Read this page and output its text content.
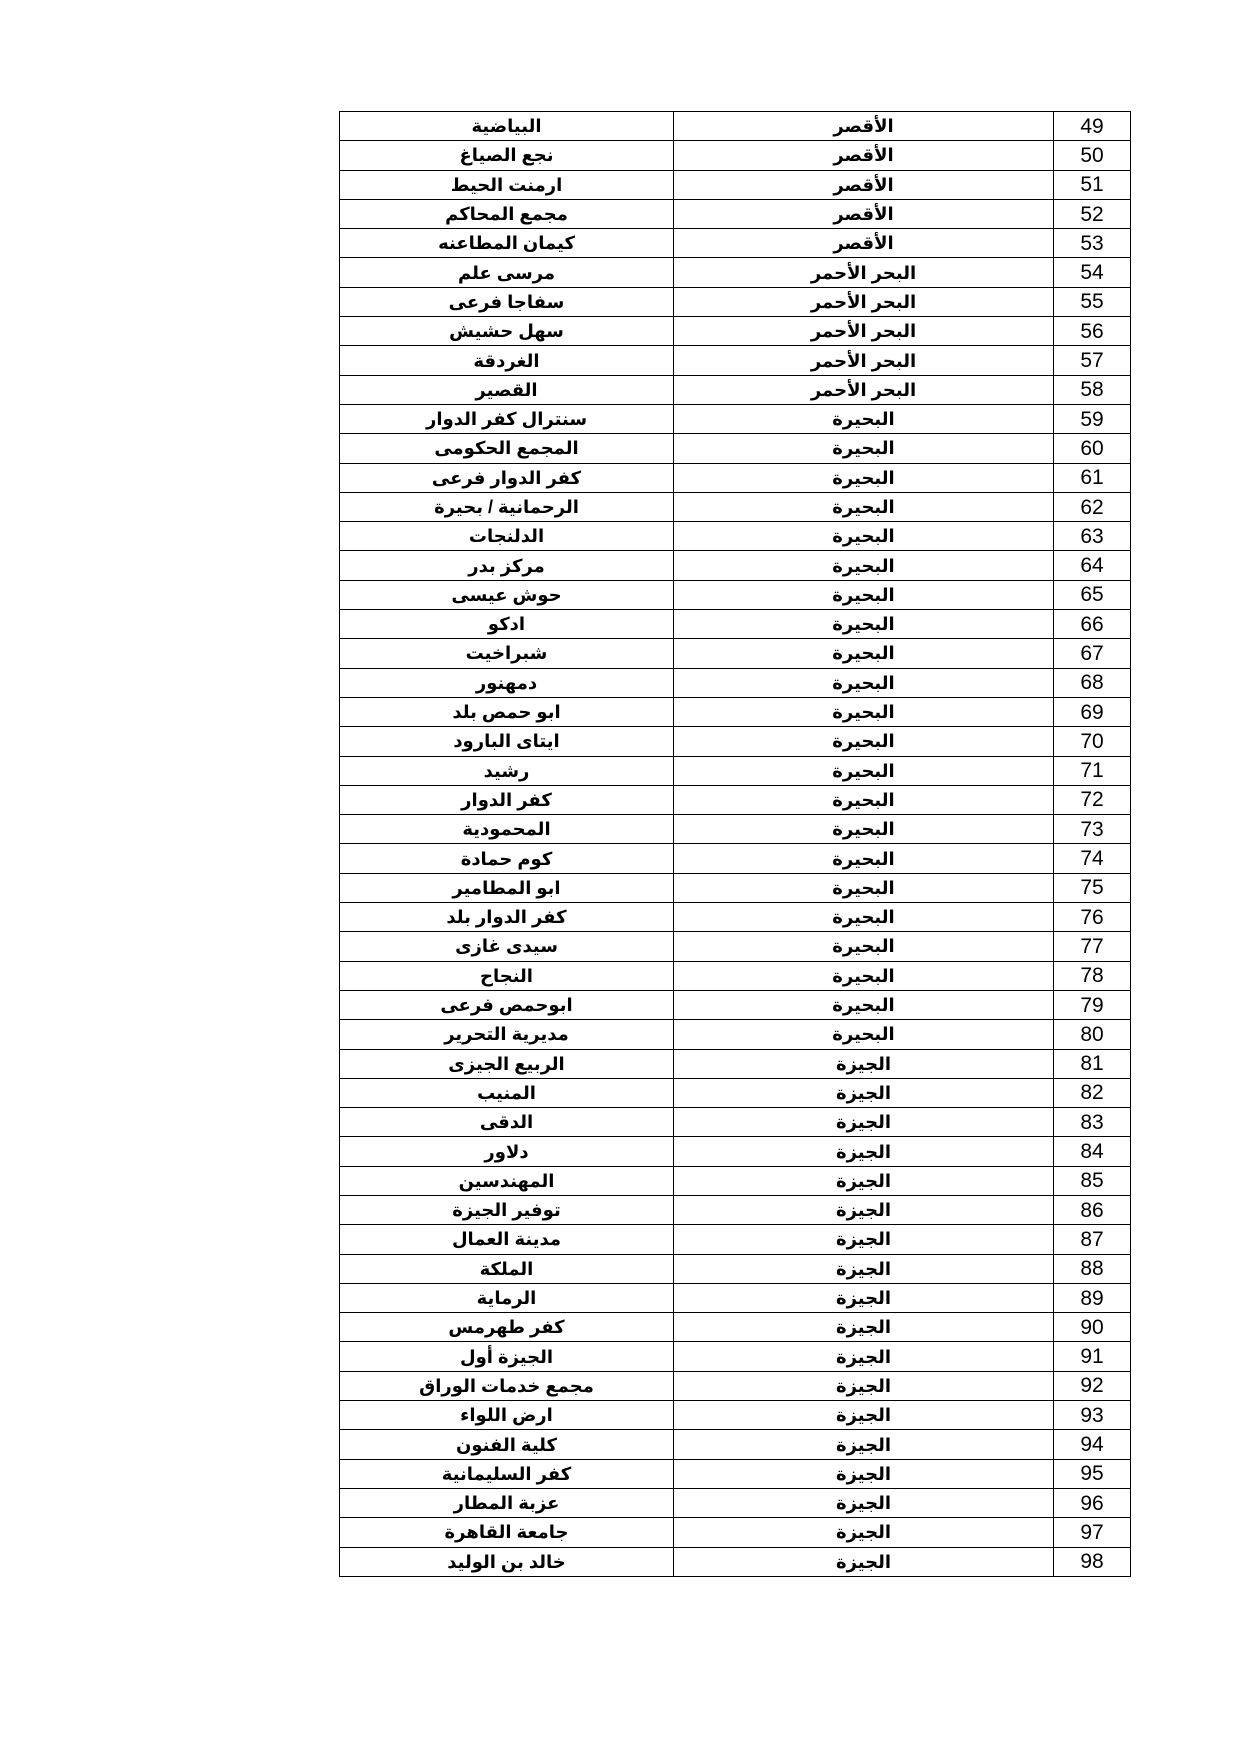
البياضية	الأقصر	49
نجع الصياغ	الأقصر	50
ارمنت الحيط	الأقصر	51
مجمع المحاكم	الأقصر	52
كيمان المطاعنه	الأقصر	53
مرسى علم	البحر الأحمر	54
سفاجا فرعى	البحر الأحمر	55
سهل حشيش	البحر الأحمر	56
الغردقة	البحر الأحمر	57
القصير	البحر الأحمر	58
سنترال كفر الدوار	البحيرة	59
المجمع الحكومى	البحيرة	60
كفر الدوار فرعى	البحيرة	61
الرحمانية / بحيرة	البحيرة	62
الدلنجات	البحيرة	63
مركز بدر	البحيرة	64
حوش عيسى	البحيرة	65
ادكو	البحيرة	66
شبراخيت	البحيرة	67
دمهنور	البحيرة	68
ابو حمص بلد	البحيرة	69
ايتاى البارود	البحيرة	70
رشيد	البحيرة	71
كفر الدوار	البحيرة	72
المحمودية	البحيرة	73
كوم حمادة	البحيرة	74
ابو المطامير	البحيرة	75
كفر الدوار بلد	البحيرة	76
سيدى غازى	البحيرة	77
النجاح	البحيرة	78
ابوحمص فرعى	البحيرة	79
مديرية التحرير	البحيرة	80
الربيع الجيزى	الجيزة	81
المنيب	الجيزة	82
الدقى	الجيزة	83
دلاور	الجيزة	84
المهندسين	الجيزة	85
توفير الجيزة	الجيزة	86
مدينة العمال	الجيزة	87
الملكة	الجيزة	88
الرماية	الجيزة	89
كفر طهرمس	الجيزة	90
الجيزة أول	الجيزة	91
مجمع خدمات الوراق	الجيزة	92
ارض اللواء	الجيزة	93
كلية الفنون	الجيزة	94
كفر السليمانية	الجيزة	95
عزبة المطار	الجيزة	96
جامعة القاهرة	الجيزة	97
خالد بن الوليد	الجيزة	98
